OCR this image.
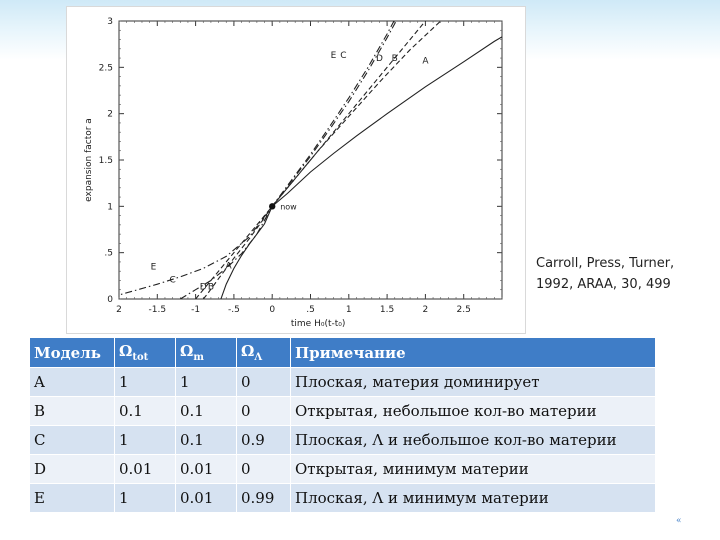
2	-1.5	-1	-.5	0	.5	1	1.5	2	2.5
3
2.5
2
1.5
1
.5
0
time H₀(t-t₀)
expansion factor a
E C	D B	A
E
C
D B
A
now
Carroll, Press, Turner,
1992, ARAA, 30, 499
Модель	$\Omega_{tot}$	$\Omega_m$	$\Omega_\Lambda$	Примечание
A	1	1	0	Плоская, материя доминирует
B	0.1	0.1	0	Открытая, небольшое кол-во материи
C	1	0.1	0.9	Плоская, Λ и небольшое кол-во материи
D	0.01	0.01	0	Открытая, минимум материи
E	1	0.01	0.99	Плоская, Λ и минимум материи
«
